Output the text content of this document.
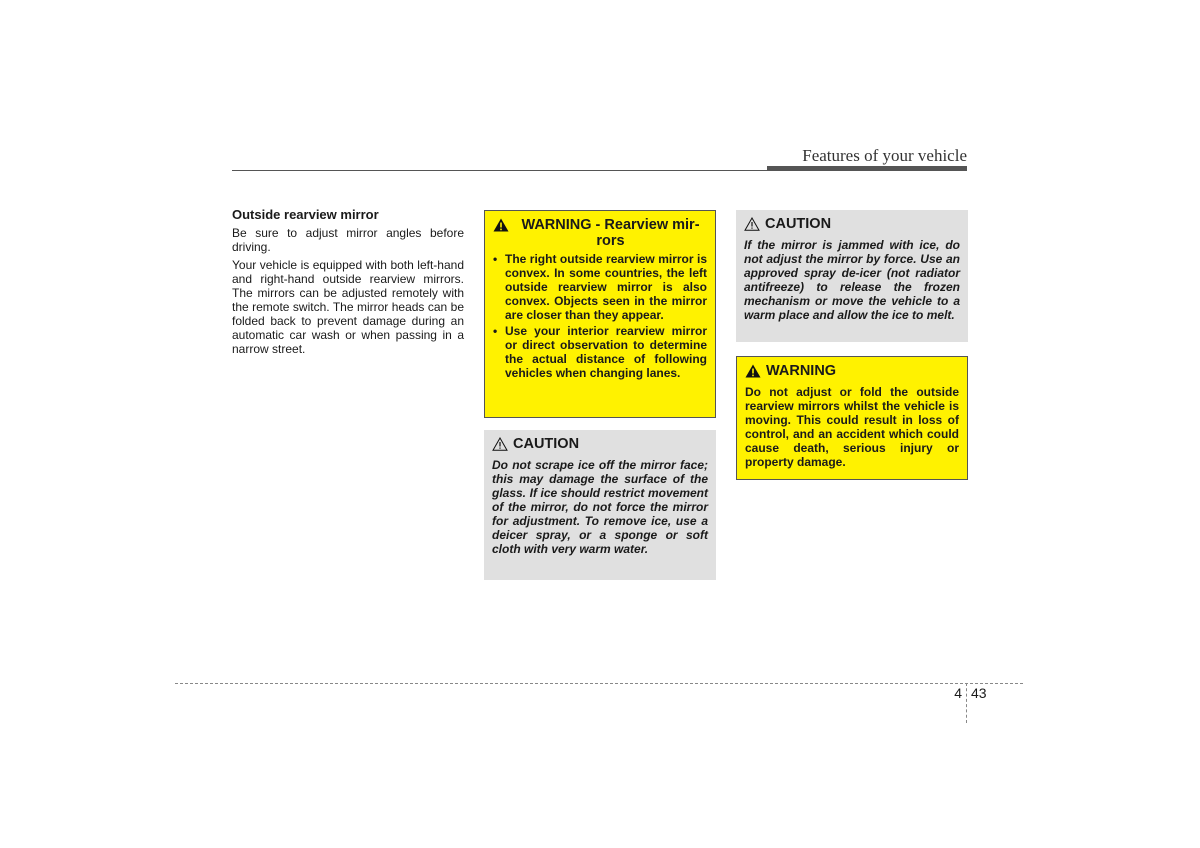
Features of your vehicle

Outside rearview mirror

Be sure to adjust mirror angles before driving.

Your vehicle is equipped with both left-hand and right-hand outside rearview mirrors. The mirrors can be adjusted remotely with the remote switch. The mirror heads can be folded back to prevent damage during an automatic car wash or when passing in a narrow street.

WARNING - Rearview mir-rors
• The right outside rearview mirror is convex. In some countries, the left outside rearview mirror is also convex. Objects seen in the mirror are closer than they appear.
• Use your interior rearview mirror or direct observation to determine the actual distance of following vehicles when changing lanes.
CAUTION
Do not scrape ice off the mirror face; this may damage the surface of the glass. If ice should restrict movement of the mirror, do not force the mirror for adjustment. To remove ice, use a deicer spray, or a sponge or soft cloth with very warm water.
CAUTION
If the mirror is jammed with ice, do not adjust the mirror by force. Use an approved spray de-icer (not radiator antifreeze) to release the frozen mechanism or move the vehicle to a warm place and allow the ice to melt.
WARNING
Do not adjust or fold the outside rearview mirrors whilst the vehicle is moving. This could result in loss of control, and an accident which could cause death, serious injury or property damage.
4 43
